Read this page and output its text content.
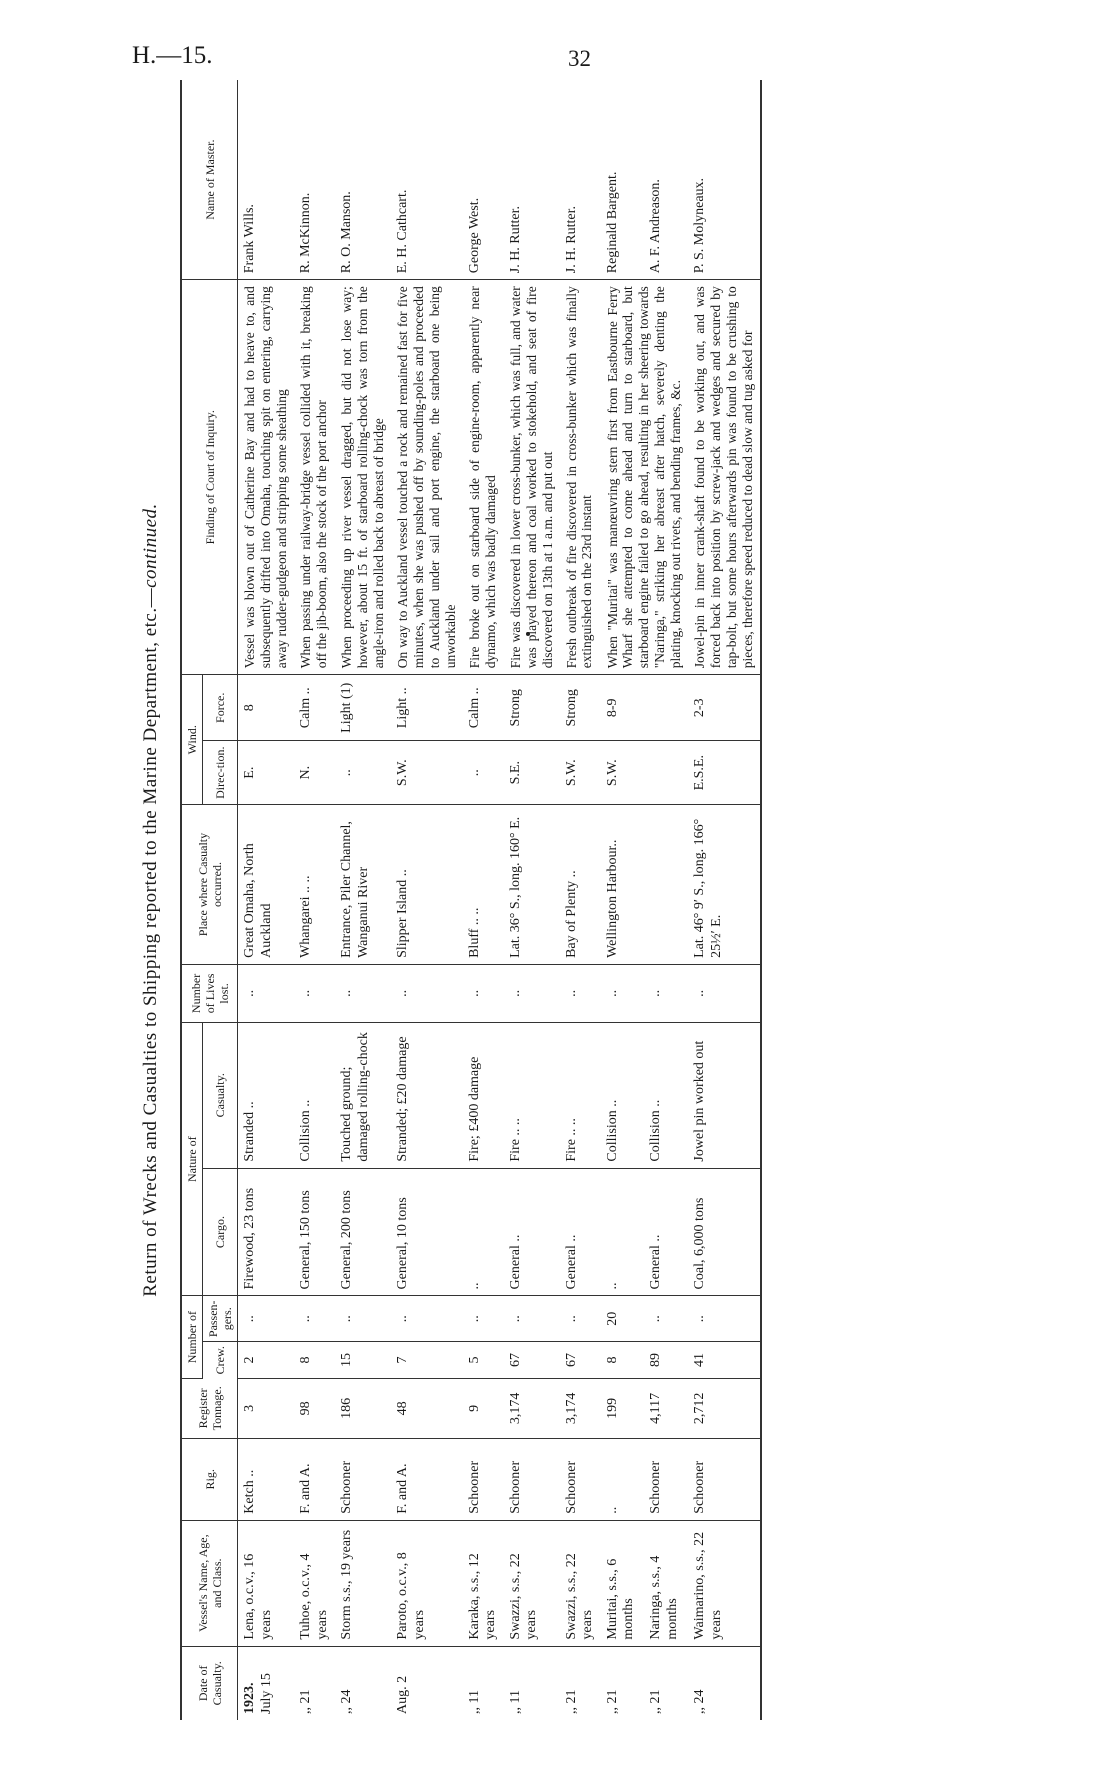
H.—15.	32
Return of Wrecks and Casualties to Shipping reported to the Marine Department, etc.—continued.
Date of Casualty.	Vessel's Name, Age, and Class.	Rig.	Register Tonnage.	Number of		Nature of		Number of Lives lost.	Place where Casualty occurred.	Wind.		Finding of Court of Inquiry.	Name of Master.
				Crew.	Passen-gers.	Cargo.	Casualty.			Direc-tion.	Force.		

1923. July 15	Lena, o.c.v., 16 years	Ketch ..	3	2	..	Firewood, 23 tons	Stranded ..	..	Great Omaha, North Auckland	E.	8	Vessel was blown out of Catherine Bay and had to heave to, and subsequently drifted into Omaha, touching spit on entering, carrying away rudder-gudgeon and stripping some sheathing	Frank Wills.
,, 21	Tuhoe, o.c.v., 4 years	F. and A.	98	8	..	General, 150 tons	Collision ..	..	Whangarei .. ..	N.	Calm ..	When passing under railway-bridge vessel collided with it, breaking off the jib-boom, also the stock of the port anchor	R. McKinnon.
,, 24	Storm s.s., 19 years	Schooner	186	15	..	General, 200 tons	Touched ground; damaged rolling-chock	..	Entrance, Piler Channel, Wanganui River	..	Light (1)	When proceeding up river vessel dragged, but did not lose way; however, about 15 ft. of starboard rolling-chock was torn from the angle-iron and rolled back to abreast of bridge	R. O. Manson.
Aug. 2	Paroto, o.c.v., 8 years	F. and A.	48	7	..	General, 10 tons	Stranded; £20 damage	..	Slipper Island ..	S.W.	Light ..	On way to Auckland vessel touched a rock and remained fast for five minutes, when she was pushed off by sounding-poles and proceeded to Auckland under sail and port engine, the starboard one being unworkable	E. H. Cathcart.
,, 11	Karaka, s.s., 12 years	Schooner	9	5	..	..	Fire; £400 damage	..	Bluff .. ..	..	Calm ..	Fire broke out on starboard side of engine-room, apparently near dynamo, which was badly damaged	George West.
,, 11	Swazzi, s.s., 22 years	Schooner	3,174	67	..	General ..	Fire .. ..	..	Lat. 36° S., long. 160° E.	S.E.	Strong	Fire was discovered in lower cross-bunker, which was full, and water was played thereon and coal worked to stokehold, and seat of fire discovered on 13th at 1 a.m. and put out	J. H. Rutter.
,, 21	Swazzi, s.s., 22 years	Schooner	3,174	67	..	General ..	Fire .. ..	..	Bay of Plenty ..	S.W.	Strong	Fresh outbreak of fire discovered in cross-bunker which was finally extinguished on the 23rd instant	J. H. Rutter.
,, 21	Muritai, s.s., 6 months	..	199	8	20	..	Collision ..	..	Wellington Harbour..	S.W.	8-9	When "Muritai" was manœuvring stern first from Eastbourne Ferry Wharf she attempted to come ahead and turn to starboard, but starboard engine failed to go ahead, resulting in her sheering towards "Naringa," striking her abreast after hatch, severely denting the plating, knocking out rivets, and bending frames, &c.	Reginald Bargent.
,, 21	Naringa, s.s., 4 months	Schooner	4,117	89	..	General ..	Collision ..	..					A. F. Andreason.
,, 24	Waimarino, s.s., 22 years	Schooner	2,712	41	..	Coal, 6,000 tons	Jowel pin worked out	..	Lat. 46° 9′ S., long. 166° 25½′ E.	E.S.E.	2-3	Jowel-pin in inner crank-shaft found to be working out, and was forced back into position by screw-jack and wedges and secured by tap-bolt, but some hours afterwards pin was found to be crushing to pieces, therefore speed reduced to dead slow and tug asked for	P. S. Molyneaux.
